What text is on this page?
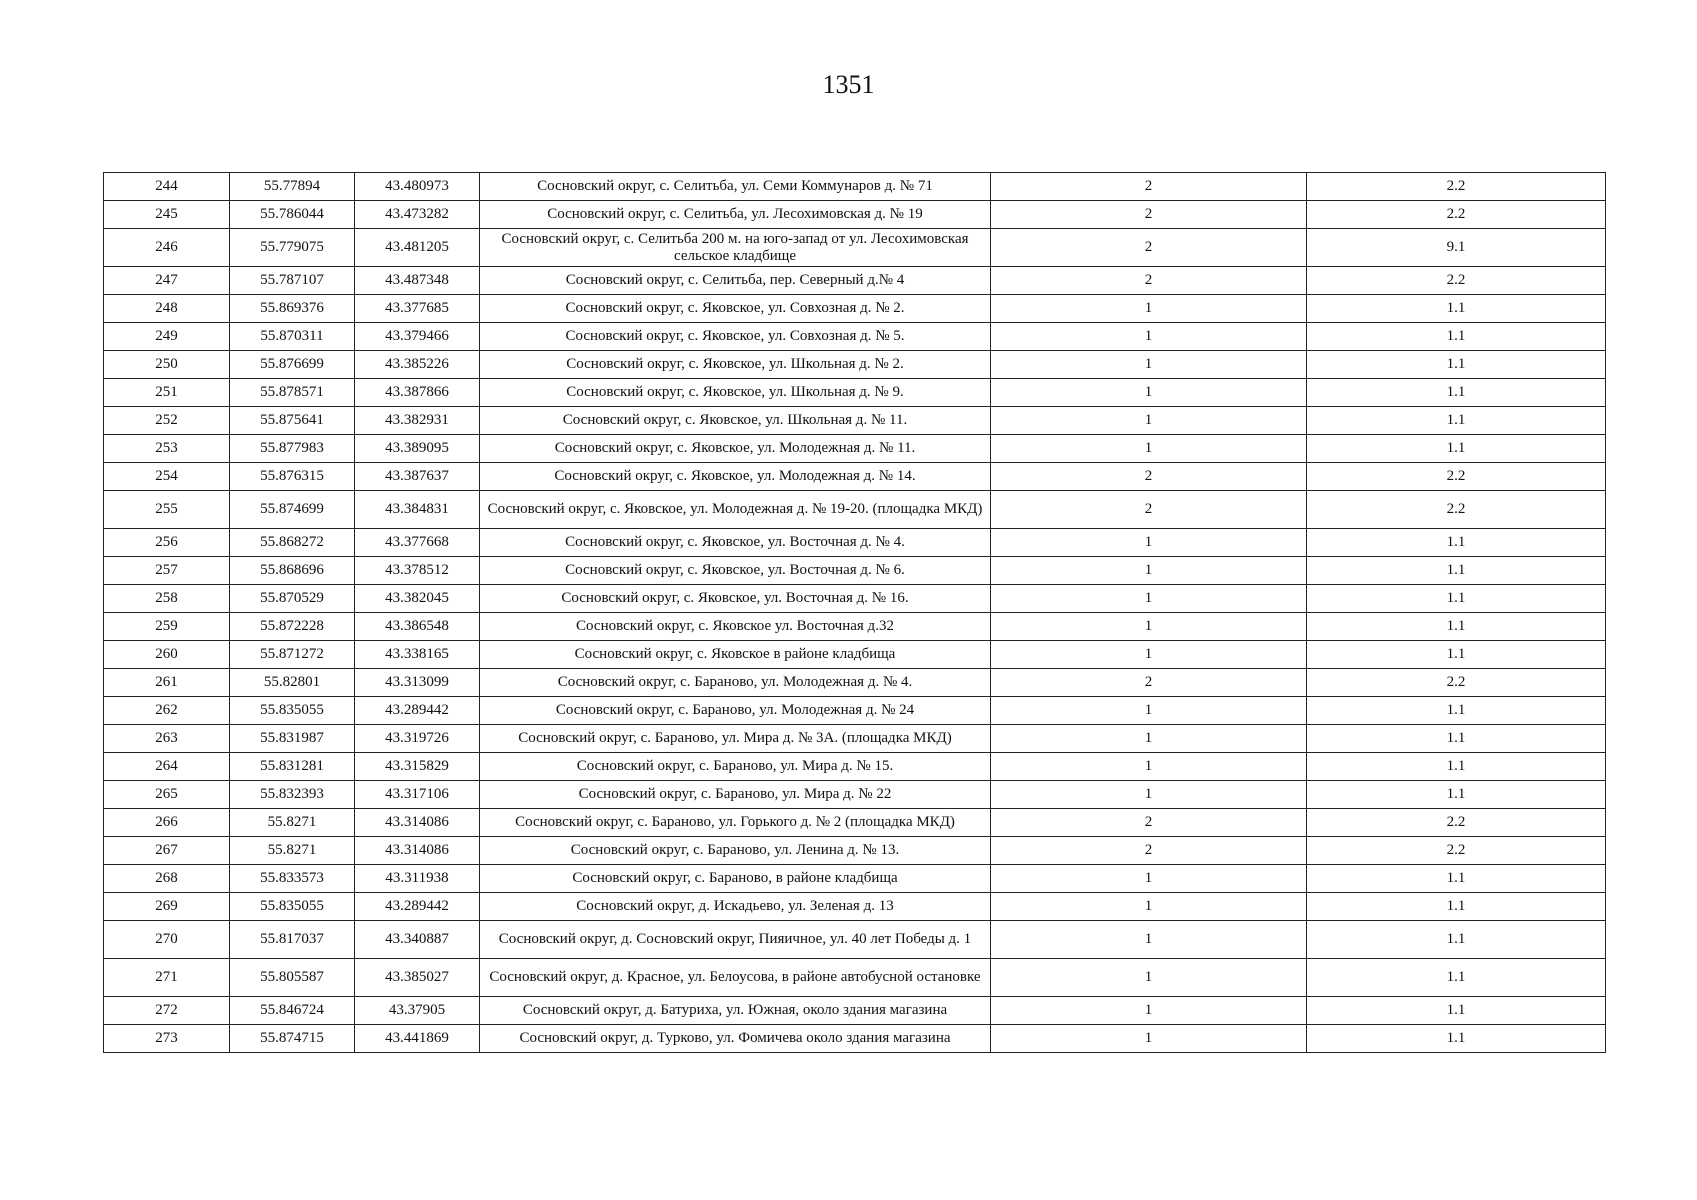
1351
244	55.77894	43.480973	Сосновский округ, с. Селитьба, ул. Семи Коммунаров д. № 71	2	2.2
245	55.786044	43.473282	Сосновский округ, с. Селитьба, ул. Лесохимовская д. № 19	2	2.2
246	55.779075	43.481205	Сосновский округ, с. Селитьба 200 м. на юго-запад от ул. Лесохимовская сельское кладбище	2	9.1
247	55.787107	43.487348	Сосновский округ, с. Селитьба, пер. Северный д.№ 4	2	2.2
248	55.869376	43.377685	Сосновский округ, с. Яковское, ул. Совхозная д. № 2.	1	1.1
249	55.870311	43.379466	Сосновский округ, с. Яковское, ул. Совхозная д. № 5.	1	1.1
250	55.876699	43.385226	Сосновский округ, с. Яковское, ул. Школьная д. № 2.	1	1.1
251	55.878571	43.387866	Сосновский округ, с. Яковское, ул. Школьная д. № 9.	1	1.1
252	55.875641	43.382931	Сосновский округ, с. Яковское, ул. Школьная д. № 11.	1	1.1
253	55.877983	43.389095	Сосновский округ, с. Яковское, ул. Молодежная д. № 11.	1	1.1
254	55.876315	43.387637	Сосновский округ, с. Яковское, ул. Молодежная д. № 14.	2	2.2
255	55.874699	43.384831	Сосновский округ, с. Яковское, ул. Молодежная д. № 19-20. (площадка МКД)	2	2.2
256	55.868272	43.377668	Сосновский округ, с. Яковское, ул. Восточная д. № 4.	1	1.1
257	55.868696	43.378512	Сосновский округ, с. Яковское, ул. Восточная д. № 6.	1	1.1
258	55.870529	43.382045	Сосновский округ, с. Яковское, ул. Восточная д. № 16.	1	1.1
259	55.872228	43.386548	Сосновский округ, с. Яковское ул. Восточная д.32	1	1.1
260	55.871272	43.338165	Сосновский округ, с. Яковское в районе кладбища	1	1.1
261	55.82801	43.313099	Сосновский округ, с. Бараново, ул. Молодежная д. № 4.	2	2.2
262	55.835055	43.289442	Сосновский округ, с. Бараново, ул. Молодежная д. № 24	1	1.1
263	55.831987	43.319726	Сосновский округ, с. Бараново, ул. Мира д. № 3А. (площадка МКД)	1	1.1
264	55.831281	43.315829	Сосновский округ, с. Бараново, ул. Мира д. № 15.	1	1.1
265	55.832393	43.317106	Сосновский округ, с. Бараново, ул. Мира д. № 22	1	1.1
266	55.8271	43.314086	Сосновский округ, с. Бараново, ул. Горького д. № 2 (площадка МКД)	2	2.2
267	55.8271	43.314086	Сосновский округ, с. Бараново, ул. Ленина д. № 13.	2	2.2
268	55.833573	43.311938	Сосновский округ, с. Бараново, в районе кладбища	1	1.1
269	55.835055	43.289442	Сосновский округ, д. Искадьево, ул. Зеленая д. 13	1	1.1
270	55.817037	43.340887	Сосновский округ, д. Сосновский округ, Пияичное, ул. 40 лет Победы д. 1	1	1.1
271	55.805587	43.385027	Сосновский округ, д. Красное, ул. Белоусова, в районе автобусной остановке	1	1.1
272	55.846724	43.37905	Сосновский округ, д. Батуриха, ул. Южная, около здания магазина	1	1.1
273	55.874715	43.441869	Сосновский округ, д. Турково, ул. Фомичева около здания магазина	1	1.1
